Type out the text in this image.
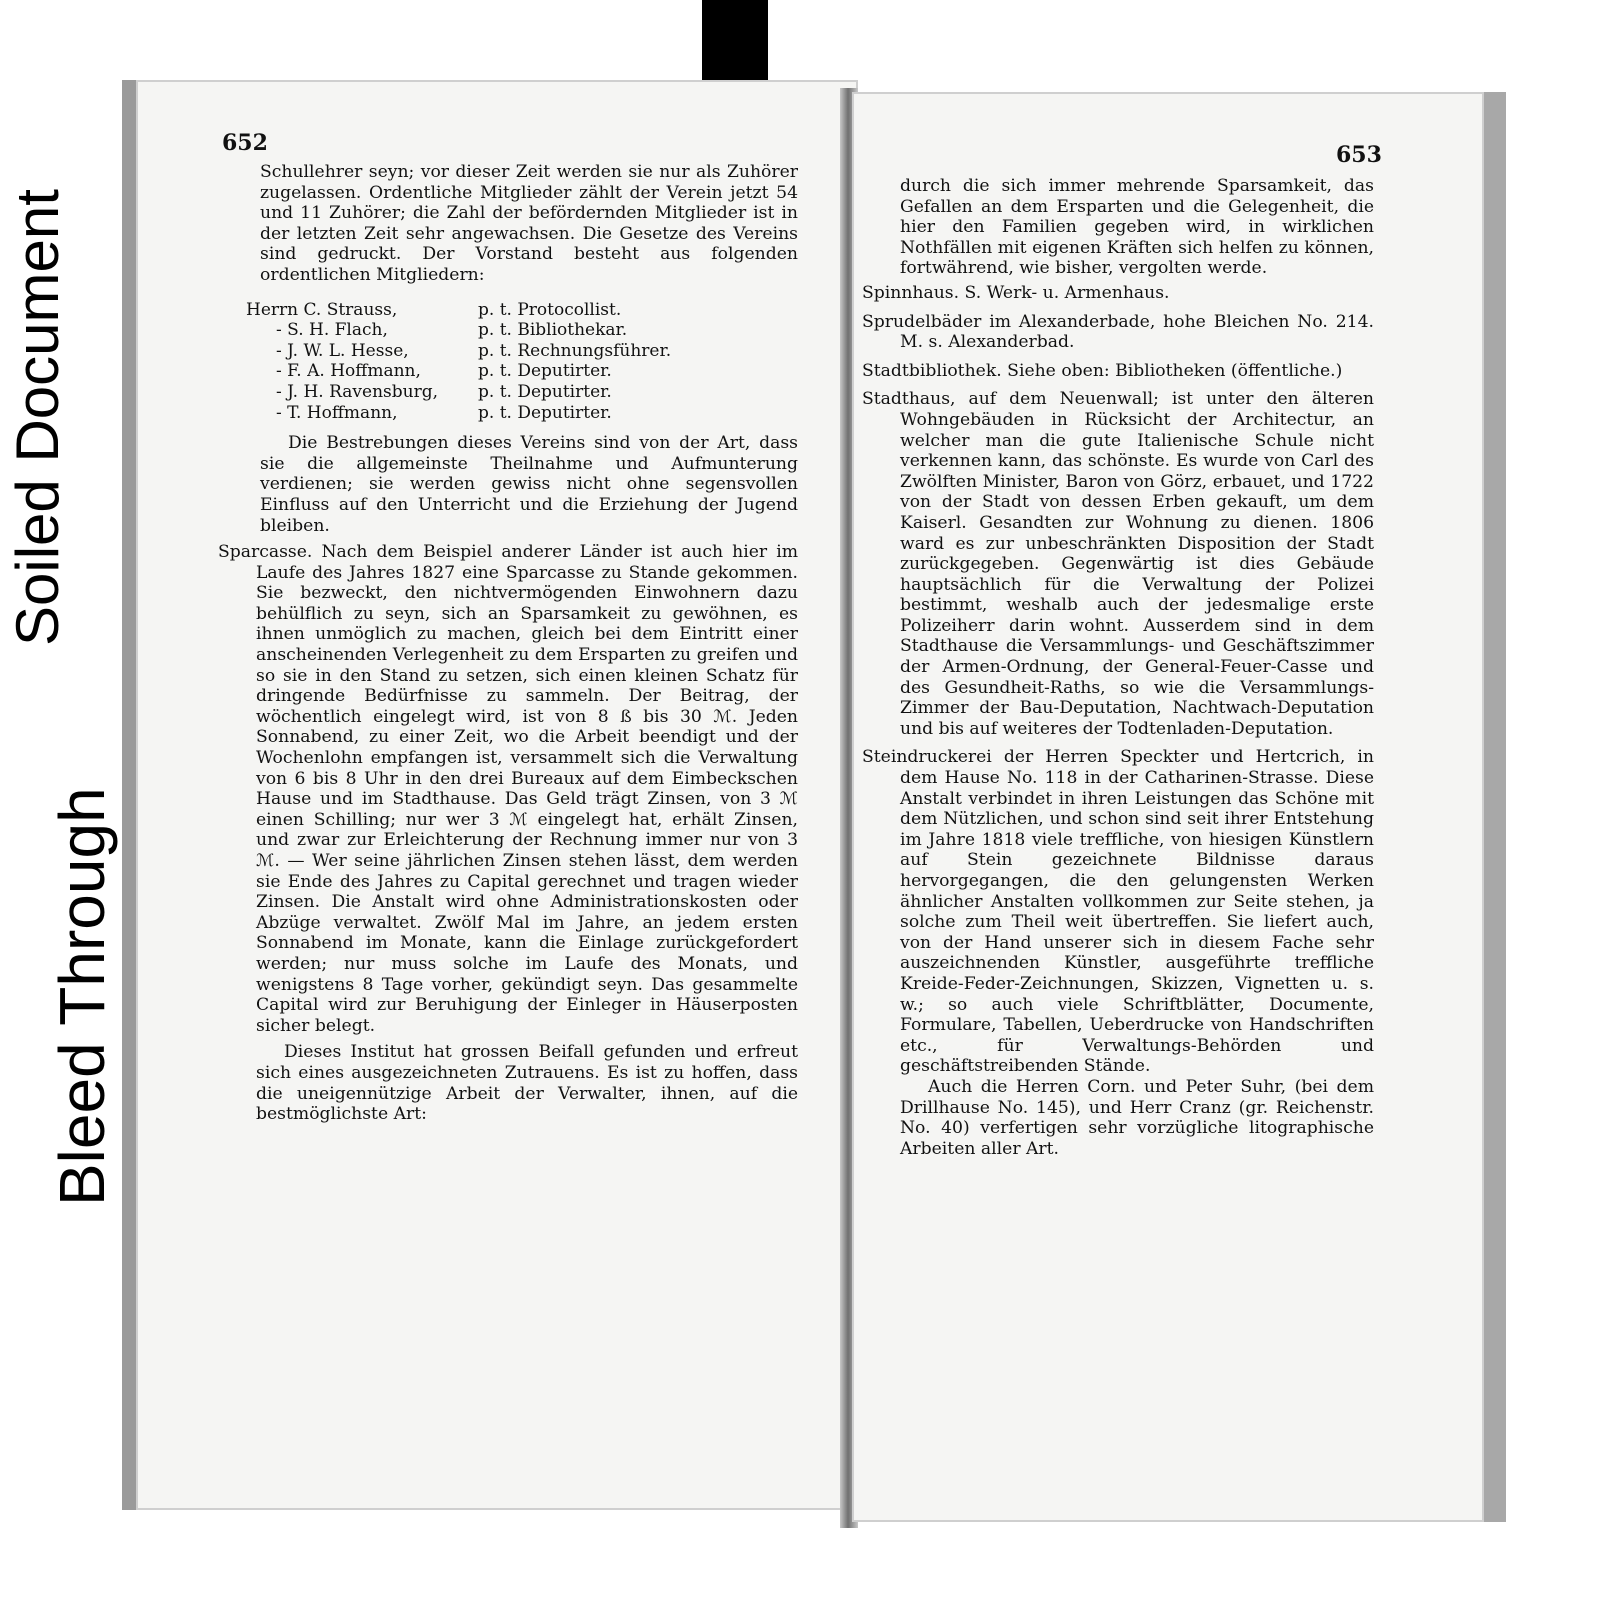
Soiled Document
Bleed Through
652

Schullehrer seyn; vor dieser Zeit werden sie nur als Zuhörer zugelassen. Ordentliche Mitglieder zählt der Verein jetzt 54 und 11 Zuhörer; die Zahl der befördernden Mitglieder ist in der letzten Zeit sehr angewachsen. Die Gesetze des Vereins sind gedruckt. Der Vorstand besteht aus folgenden ordentlichen Mitgliedern:

Herrn C. Strauss,	p. t. Protocollist.
- S. H. Flach,	p. t. Bibliothekar.
- J. W. L. Hesse,	p. t. Rechnungsführer.
- F. A. Hoffmann,	p. t. Deputirter.
- J. H. Ravensburg,	p. t. Deputirter.
- T. Hoffmann,	p. t. Deputirter.

Die Bestrebungen dieses Vereins sind von der Art, dass sie die allgemeinste Theilnahme und Aufmunterung verdienen; sie werden gewiss nicht ohne segensvollen Einfluss auf den Unterricht und die Erziehung der Jugend bleiben.

Sparcasse. Nach dem Beispiel anderer Länder ist auch hier im Laufe des Jahres 1827 eine Sparcasse zu Stande gekommen. Sie bezweckt, den nichtvermögenden Einwohnern dazu behülflich zu seyn, sich an Sparsamkeit zu gewöhnen, es ihnen unmöglich zu machen, gleich bei dem Eintritt einer anscheinenden Verlegenheit zu dem Ersparten zu greifen und so sie in den Stand zu setzen, sich einen kleinen Schatz für dringende Bedürfnisse zu sammeln. Der Beitrag, der wöchentlich eingelegt wird, ist von 8 ß bis 30 ℳ. Jeden Sonnabend, zu einer Zeit, wo die Arbeit beendigt und der Wochenlohn empfangen ist, versammelt sich die Verwaltung von 6 bis 8 Uhr in den drei Bureaux auf dem Eimbeckschen Hause und im Stadthause. Das Geld trägt Zinsen, von 3 ℳ einen Schilling; nur wer 3 ℳ eingelegt hat, erhält Zinsen, und zwar zur Erleichterung der Rechnung immer nur von 3 ℳ. — Wer seine jährlichen Zinsen stehen lässt, dem werden sie Ende des Jahres zu Capital gerechnet und tragen wieder Zinsen. Die Anstalt wird ohne Administrationskosten oder Abzüge verwaltet. Zwölf Mal im Jahre, an jedem ersten Sonnabend im Monate, kann die Einlage zurückgefordert werden; nur muss solche im Laufe des Monats, und wenigstens 8 Tage vorher, gekündigt seyn. Das gesammelte Capital wird zur Beruhigung der Einleger in Häuserposten sicher belegt.

Dieses Institut hat grossen Beifall gefunden und erfreut sich eines ausgezeichneten Zutrauens. Es ist zu hoffen, dass die uneigennützige Arbeit der Verwalter, ihnen, auf die bestmöglichste Art:

653

durch die sich immer mehrende Sparsamkeit, das Gefallen an dem Ersparten und die Gelegenheit, die hier den Familien gegeben wird, in wirklichen Nothfällen mit eigenen Kräften sich helfen zu können, fortwährend, wie bisher, vergolten werde.

Spinnhaus. S. Werk- u. Armenhaus.

Sprudelbäder im Alexanderbade, hohe Bleichen No. 214. M. s. Alexanderbad.

Stadtbibliothek. Siehe oben: Bibliotheken (öffentliche.)

Stadthaus, auf dem Neuenwall; ist unter den älteren Wohngebäuden in Rücksicht der Architectur, an welcher man die gute Italienische Schule nicht verkennen kann, das schönste. Es wurde von Carl des Zwölften Minister, Baron von Görz, erbauet, und 1722 von der Stadt von dessen Erben gekauft, um dem Kaiserl. Gesandten zur Wohnung zu dienen. 1806 ward es zur unbeschränkten Disposition der Stadt zurückgegeben. Gegenwärtig ist dies Gebäude hauptsächlich für die Verwaltung der Polizei bestimmt, weshalb auch der jedesmalige erste Polizeiherr darin wohnt. Ausserdem sind in dem Stadthause die Versammlungs- und Geschäftszimmer der Armen-Ordnung, der General-Feuer-Casse und des Gesundheit-Raths, so wie die Versammlungs-Zimmer der Bau-Deputation, Nachtwach-Deputation und bis auf weiteres der Todtenladen-Deputation.

Steindruckerei der Herren Speckter und Hertcrich, in dem Hause No. 118 in der Catharinen-Strasse. Diese Anstalt verbindet in ihren Leistungen das Schöne mit dem Nützlichen, und schon sind seit ihrer Entstehung im Jahre 1818 viele treffliche, von hiesigen Künstlern auf Stein gezeichnete Bildnisse daraus hervorgegangen, die den gelungensten Werken ähnlicher Anstalten vollkommen zur Seite stehen, ja solche zum Theil weit übertreffen. Sie liefert auch, von der Hand unserer sich in diesem Fache sehr auszeichnenden Künstler, ausgeführte treffliche Kreide-Feder-Zeichnungen, Skizzen, Vignetten u. s. w.; so auch viele Schriftblätter, Documente, Formulare, Tabellen, Ueberdrucke von Handschriften etc., für Verwaltungs-Behörden und geschäftstreibenden Stände.

Auch die Herren Corn. und Peter Suhr, (bei dem Drillhause No. 145), und Herr Cranz (gr. Reichenstr. No. 40) verfertigen sehr vorzügliche litographische Arbeiten aller Art.
